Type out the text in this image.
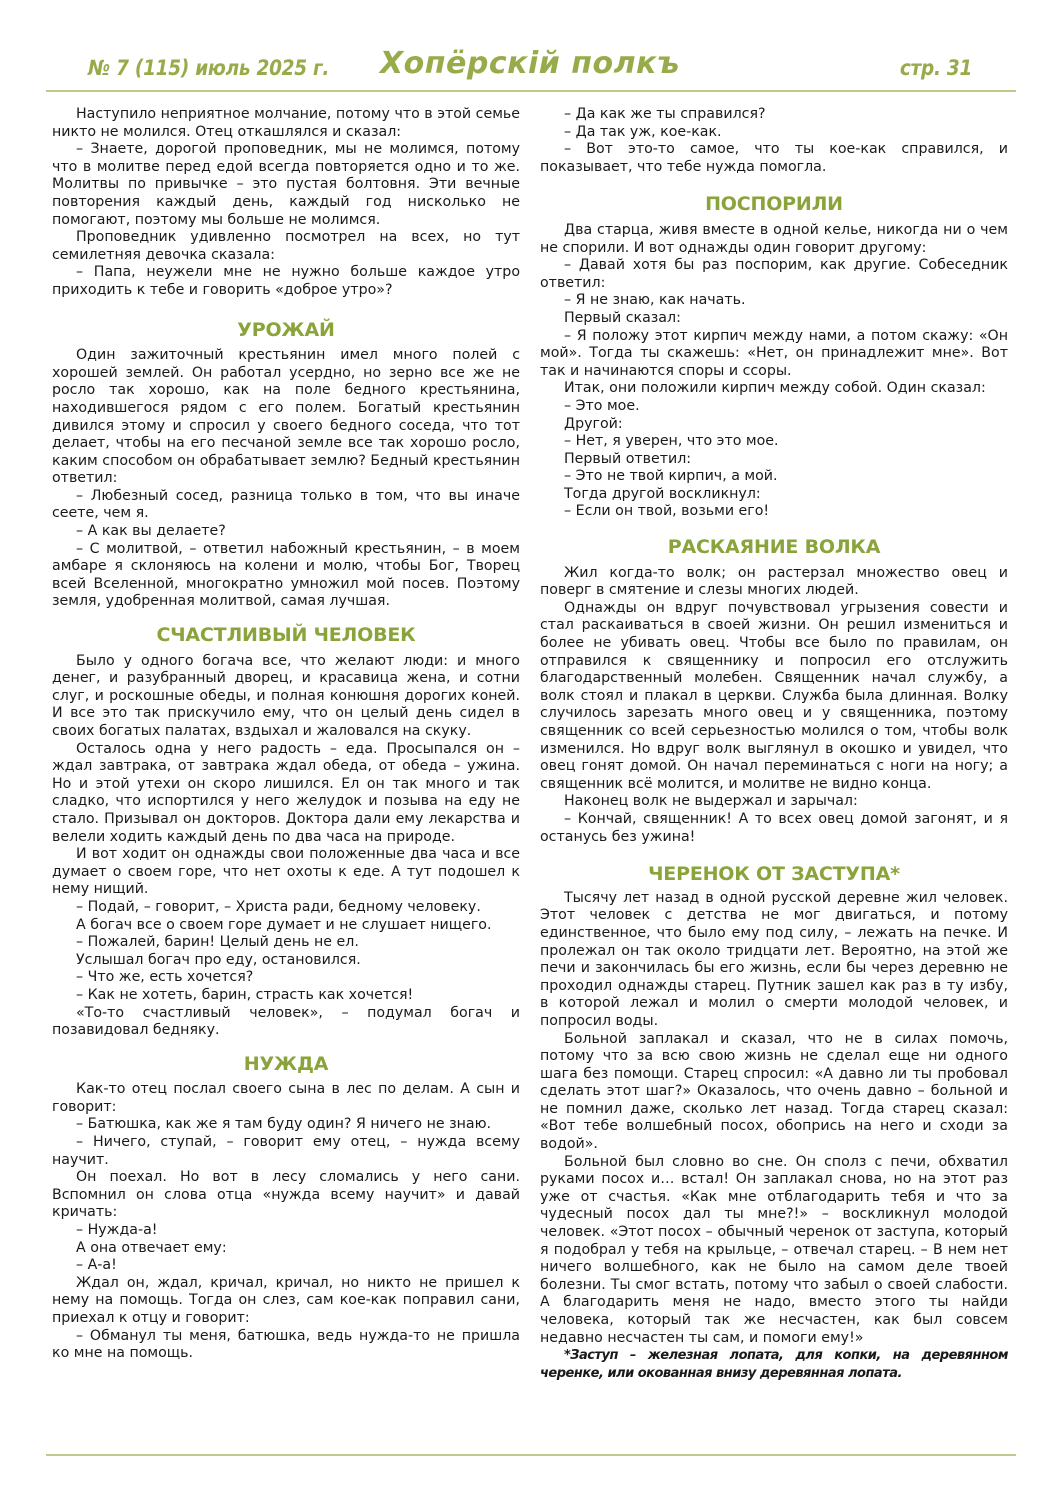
№ 7 (115) июль 2025 г.	Хопёрскій полкъ	стр. 31

Наступило неприятное молчание, потому что в этой семье никто не молился. Отец откашлялся и сказал:

– Знаете, дорогой проповедник, мы не молимся, потому что в молитве перед едой всегда повторяется одно и то же. Молитвы по привычке – это пустая болтовня. Эти вечные повторения каждый день, каждый год нисколько не помогают, поэтому мы больше не молимся.

Проповедник удивленно посмотрел на всех, но тут семилетняя девочка сказала:

– Папа, неужели мне не нужно больше каждое утро приходить к тебе и говорить «доброе утро»?

УРОЖАЙ

Один зажиточный крестьянин имел много полей с хорошей землей. Он работал усердно, но зерно все же не росло так хорошо, как на поле бедного крестьянина, находившегося рядом с его полем. Богатый крестьянин дивился этому и спросил у своего бедного соседа, что тот делает, чтобы на его песчаной земле все так хорошо росло, каким способом он обрабатывает землю? Бедный крестьянин ответил:

– Любезный сосед, разница только в том, что вы иначе сеете, чем я.

– А как вы делаете?

– С молитвой, – ответил набожный крестьянин, – в моем амбаре я склоняюсь на колени и молю, чтобы Бог, Творец всей Вселенной, многократно умножил мой посев. Поэтому земля, удобренная молитвой, самая лучшая.

СЧАСТЛИВЫЙ ЧЕЛОВЕК

Было у одного богача все, что желают люди: и много денег, и разубранный дворец, и красавица жена, и сотни слуг, и роскошные обеды, и полная конюшня дорогих коней. И все это так прискучило ему, что он целый день сидел в своих богатых палатах, вздыхал и жаловался на скуку.

Осталось одна у него радость – еда. Просыпался он – ждал завтрака, от завтрака ждал обеда, от обеда – ужина. Но и этой утехи он скоро лишился. Ел он так много и так сладко, что испортился у него желудок и позыва на еду не стало. Призывал он докторов. Доктора дали ему лекарства и велели ходить каждый день по два часа на природе.

И вот ходит он однажды свои положенные два часа и все думает о своем горе, что нет охоты к еде. А тут подошел к нему нищий.

– Подай, – говорит, – Христа ради, бедному человеку.

А богач все о своем горе думает и не слушает нищего.

– Пожалей, барин! Целый день не ел.

Услышал богач про еду, остановился.

– Что же, есть хочется?

– Как не хотеть, барин, страсть как хочется!

«То-то счастливый человек», – подумал богач и позавидовал бедняку.

НУЖДА

Как-то отец послал своего сына в лес по делам. А сын и говорит:

– Батюшка, как же я там буду один? Я ничего не знаю.

– Ничего, ступай, – говорит ему отец, – нужда всему научит.

Он поехал. Но вот в лесу сломались у него сани. Вспомнил он слова отца «нужда всему научит» и давай кричать:

– Нужда-а!

А она отвечает ему:

– А-а!

Ждал он, ждал, кричал, кричал, но никто не пришел к нему на помощь. Тогда он слез, сам кое-как поправил сани, приехал к отцу и говорит:

– Обманул ты меня, батюшка, ведь нужда-то не пришла ко мне на помощь.

– Да как же ты справился?

– Да так уж, кое-как.

– Вот это-то самое, что ты кое-как справился, и показывает, что тебе нужда помогла.

ПОСПОРИЛИ

Два старца, живя вместе в одной келье, никогда ни о чем не спорили. И вот однажды один говорит другому:

– Давай хотя бы раз поспорим, как другие. Собеседник ответил:

– Я не знаю, как начать.

Первый сказал:

– Я положу этот кирпич между нами, а потом скажу: «Он мой». Тогда ты скажешь: «Нет, он принадлежит мне». Вот так и начинаются споры и ссоры.

Итак, они положили кирпич между собой. Один сказал:

– Это мое.

Другой:

– Нет, я уверен, что это мое.

Первый ответил:

– Это не твой кирпич, а мой.

Тогда другой воскликнул:

– Если он твой, возьми его!

РАСКАЯНИЕ ВОЛКА

Жил когда-то волк; он растерзал множество овец и поверг в смятение и слезы многих людей.

Однажды он вдруг почувствовал угрызения совести и стал раскаиваться в своей жизни. Он решил измениться и более не убивать овец. Чтобы все было по правилам, он отправился к священнику и попросил его отслужить благодарственный молебен. Священник начал службу, а волк стоял и плакал в церкви. Служба была длинная. Волку случилось зарезать много овец и у священника, поэтому священник со всей серьезностью молился о том, чтобы волк изменился. Но вдруг волк выглянул в окошко и увидел, что овец гонят домой. Он начал переминаться с ноги на ногу; а священник всё молится, и молитве не видно конца.

Наконец волк не выдержал и зарычал:

– Кончай, священник! А то всех овец домой загонят, и я останусь без ужина!

ЧЕРЕНОК ОТ ЗАСТУПА*

Тысячу лет назад в одной русской деревне жил человек. Этот человек с детства не мог двигаться, и потому единственное, что было ему под силу, – лежать на печке. И пролежал он так около тридцати лет. Вероятно, на этой же печи и закончилась бы его жизнь, если бы через деревню не проходил однажды старец. Путник зашел как раз в ту избу, в которой лежал и молил о смерти молодой человек, и попросил воды.

Больной заплакал и сказал, что не в силах помочь, потому что за всю свою жизнь не сделал еще ни одного шага без помощи. Старец спросил: «А давно ли ты пробовал сделать этот шаг?» Оказалось, что очень давно – больной и не помнил даже, сколько лет назад. Тогда старец сказал: «Вот тебе волшебный посох, обопрись на него и сходи за водой».

Больной был словно во сне. Он сполз с печи, обхватил руками посох и… встал! Он заплакал снова, но на этот раз уже от счастья. «Как мне отблагодарить тебя и что за чудесный посох дал ты мне?!» – воскликнул молодой человек. «Этот посох – обычный черенок от заступа, который я подобрал у тебя на крыльце, – отвечал старец. – В нем нет ничего волшебного, как не было на самом деле твоей болезни. Ты смог встать, потому что забыл о своей слабости. А благодарить меня не надо, вместо этого ты найди человека, который так же несчастен, как был совсем недавно несчастен ты сам, и помоги ему!»

*Заступ – железная лопата, для копки, на деревянном черенке, или окованная внизу деревянная лопата.
